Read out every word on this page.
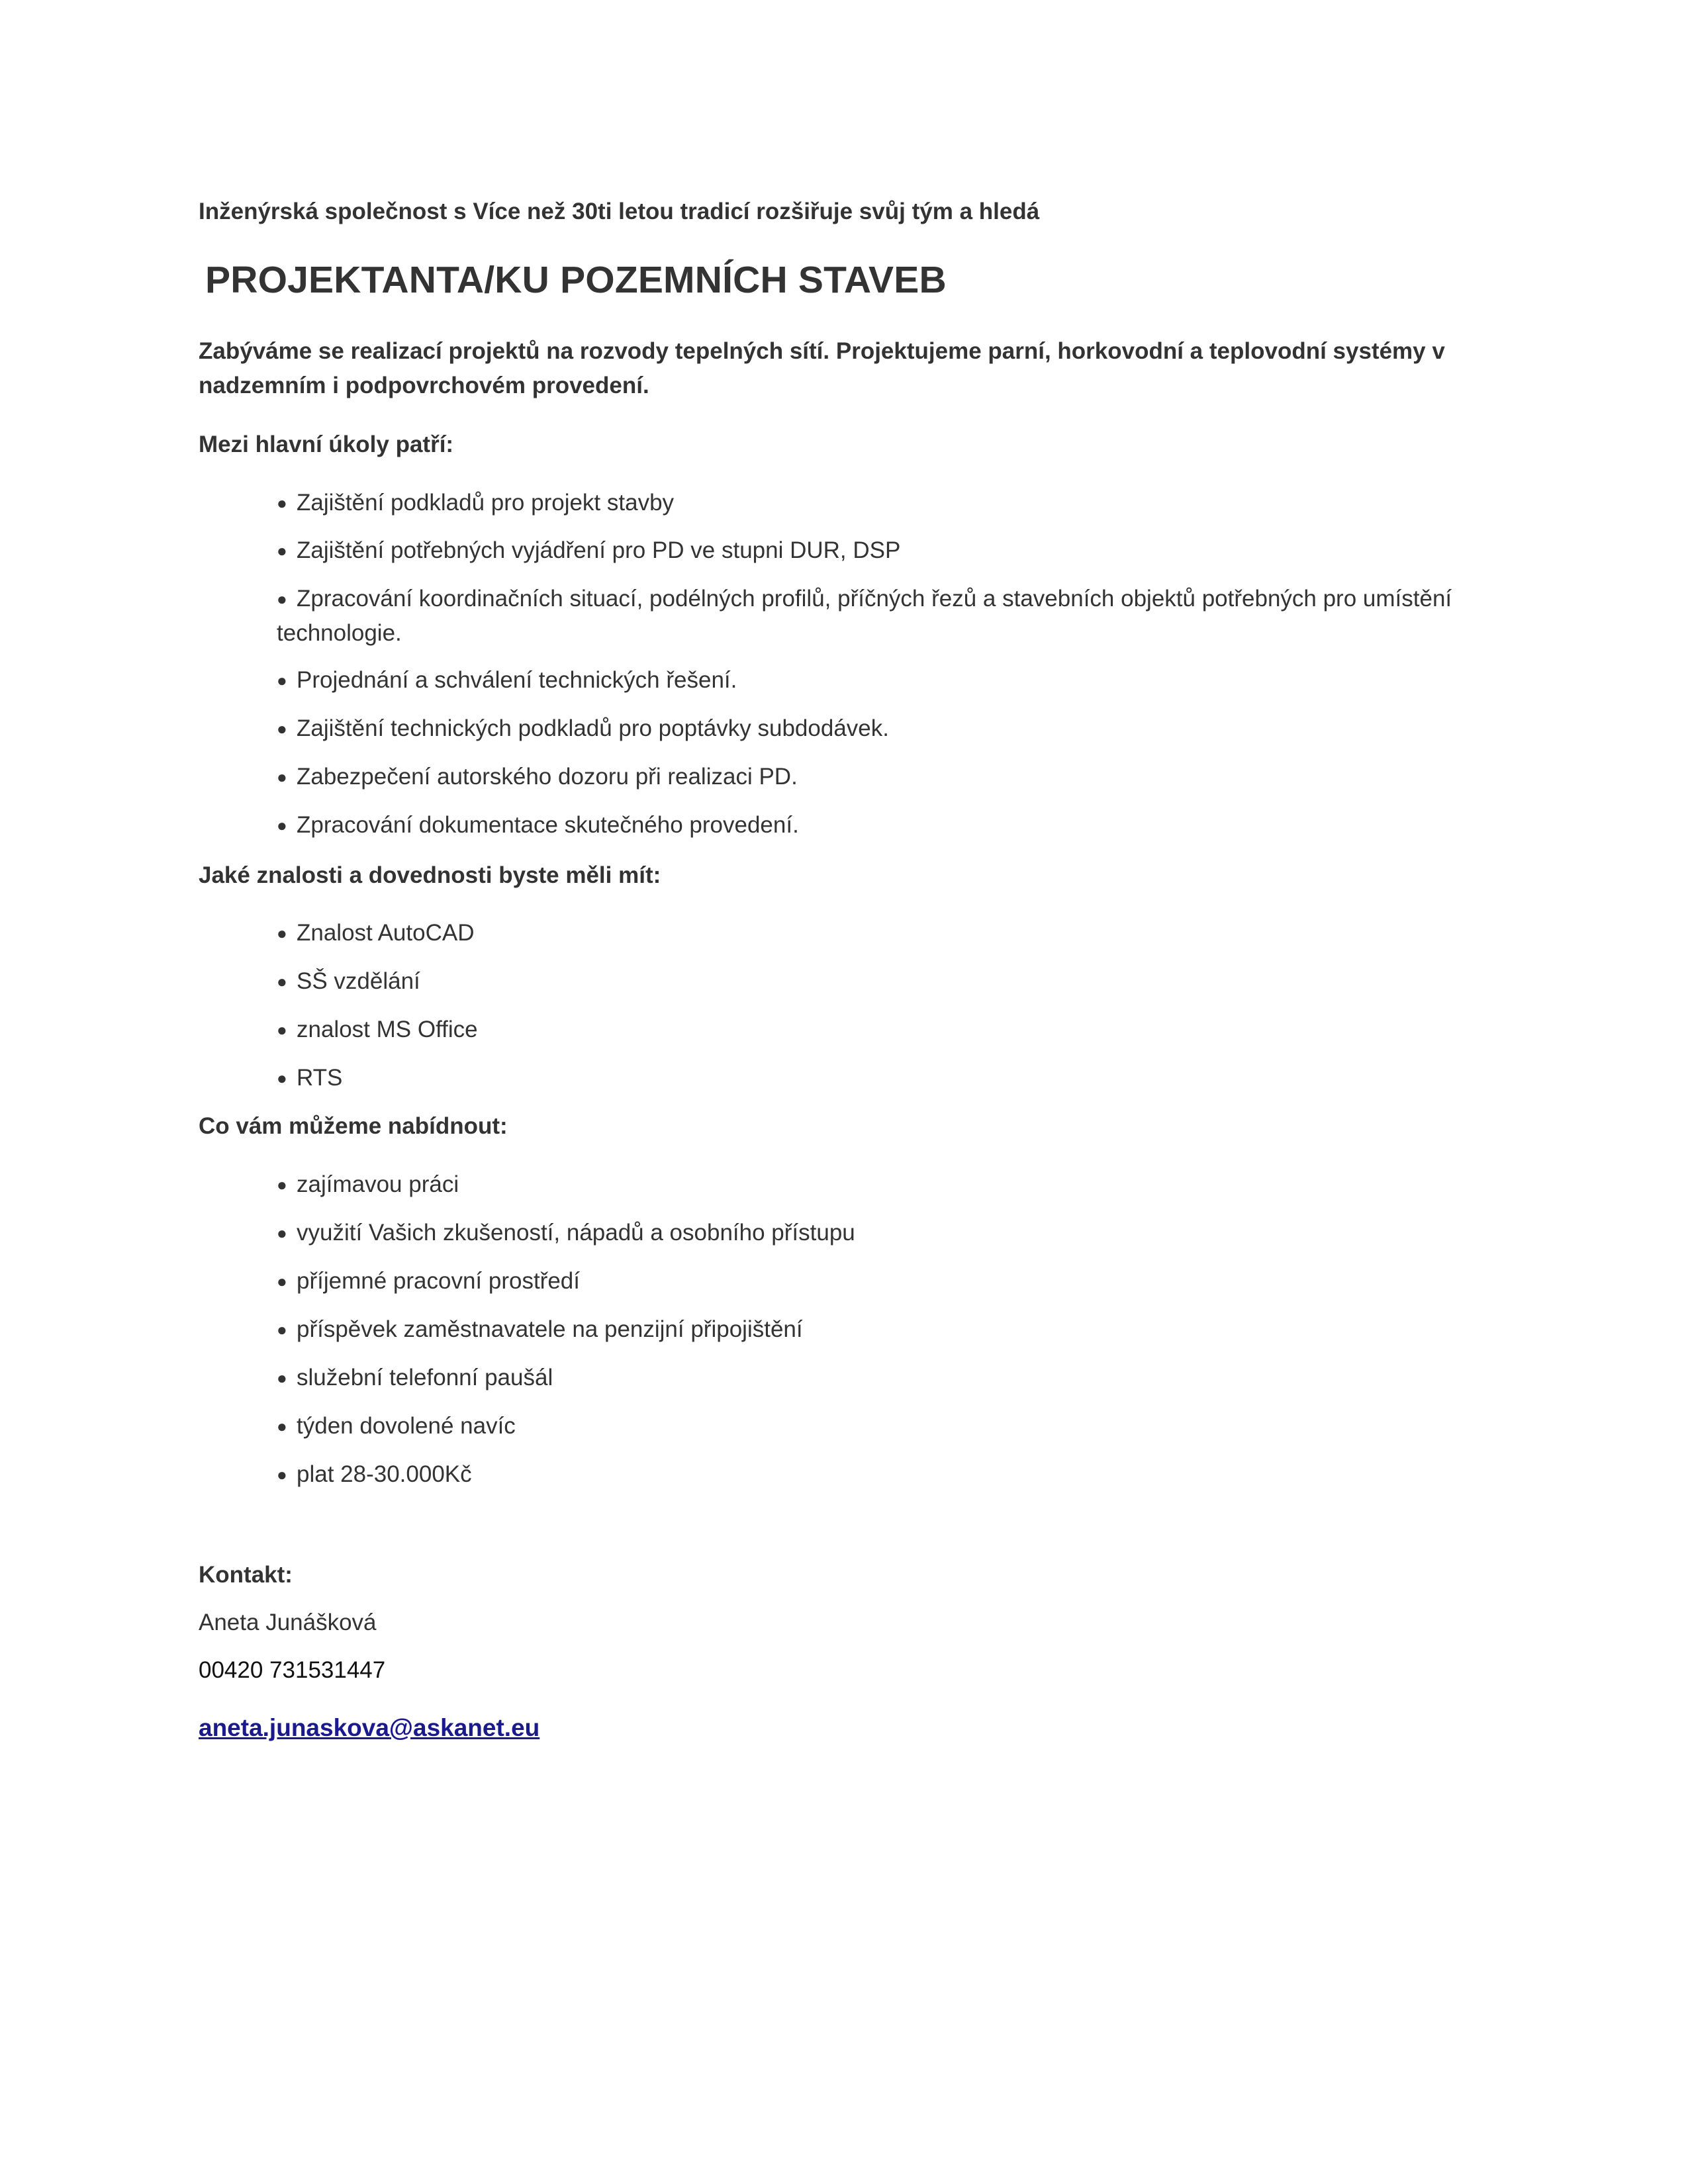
Inženýrská společnost s Více než 30ti letou tradicí rozšiřuje svůj tým a hledá
PROJEKTANTA/KU POZEMNÍCH STAVEB
Zabýváme se realizací projektů na rozvody tepelných sítí. Projektujeme parní, horkovodní a teplovodní systémy v nadzemním i podpovrchovém provedení.
Mezi hlavní úkoly patří:
● Zajištění podkladů pro projekt stavby
● Zajištění potřebných vyjádření pro PD ve stupni DUR, DSP
● Zpracování koordinačních situací, podélných profilů, příčných řezů a stavebních objektů potřebných pro umístění technologie.
● Projednání a schválení technických řešení.
● Zajištění technických podkladů pro poptávky subdodávek.
● Zabezpečení autorského dozoru při realizaci PD.
● Zpracování dokumentace skutečného provedení.
Jaké znalosti a dovednosti byste měli mít:
● Znalost AutoCAD
● SŠ vzdělání
● znalost MS Office
● RTS
Co vám můžeme nabídnout:
● zajímavou práci
● využití Vašich zkušeností, nápadů a osobního přístupu
● příjemné pracovní prostředí
● příspěvek zaměstnavatele na penzijní připojištění
● služební telefonní paušál
● týden dovolené navíc
● plat 28-30.000Kč
Kontakt:
Aneta Junášková
00420 731531447
aneta.junaskova@askanet.eu
